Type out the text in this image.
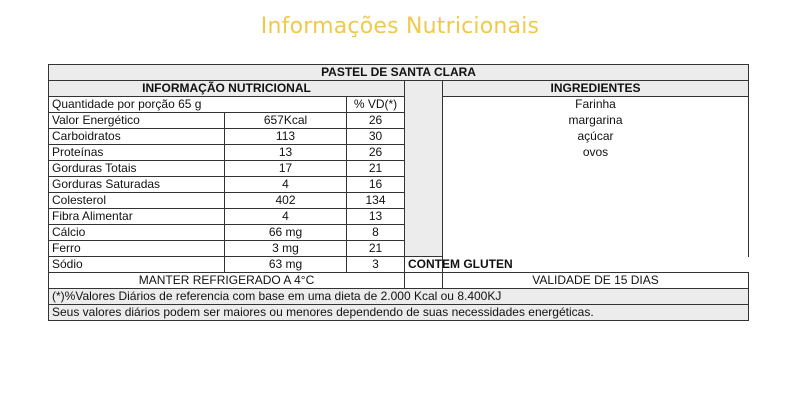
Informações Nutricionais
PASTEL DE SANTA CLARA				
INFORMAÇÃO NUTRICIONAL				INGREDIENTES
Quantidade por porção 65 g		% VD(*)		Farinha
Valor Energético	657Kcal	26		margarina
Carboidratos	113	30		açúcar
Proteínas	13	26		ovos
Gorduras Totais	17	21		
Gorduras Saturadas	4	16		
Colesterol	402	134		
Fibra Alimentar	4	13		
Cálcio	66 mg	8		
Ferro	3 mg	21		
Sódio	63 mg	3	CONTEM GLUTEN	
MANTER REFRIGERADO A 4°C				VALIDADE DE 15 DIAS
(*)%Valores Diários de referencia com base em uma dieta de 2.000 Kcal ou 8.400KJ				
Seus valores diários podem ser maiores ou menores dependendo de suas necessidades energéticas.				
